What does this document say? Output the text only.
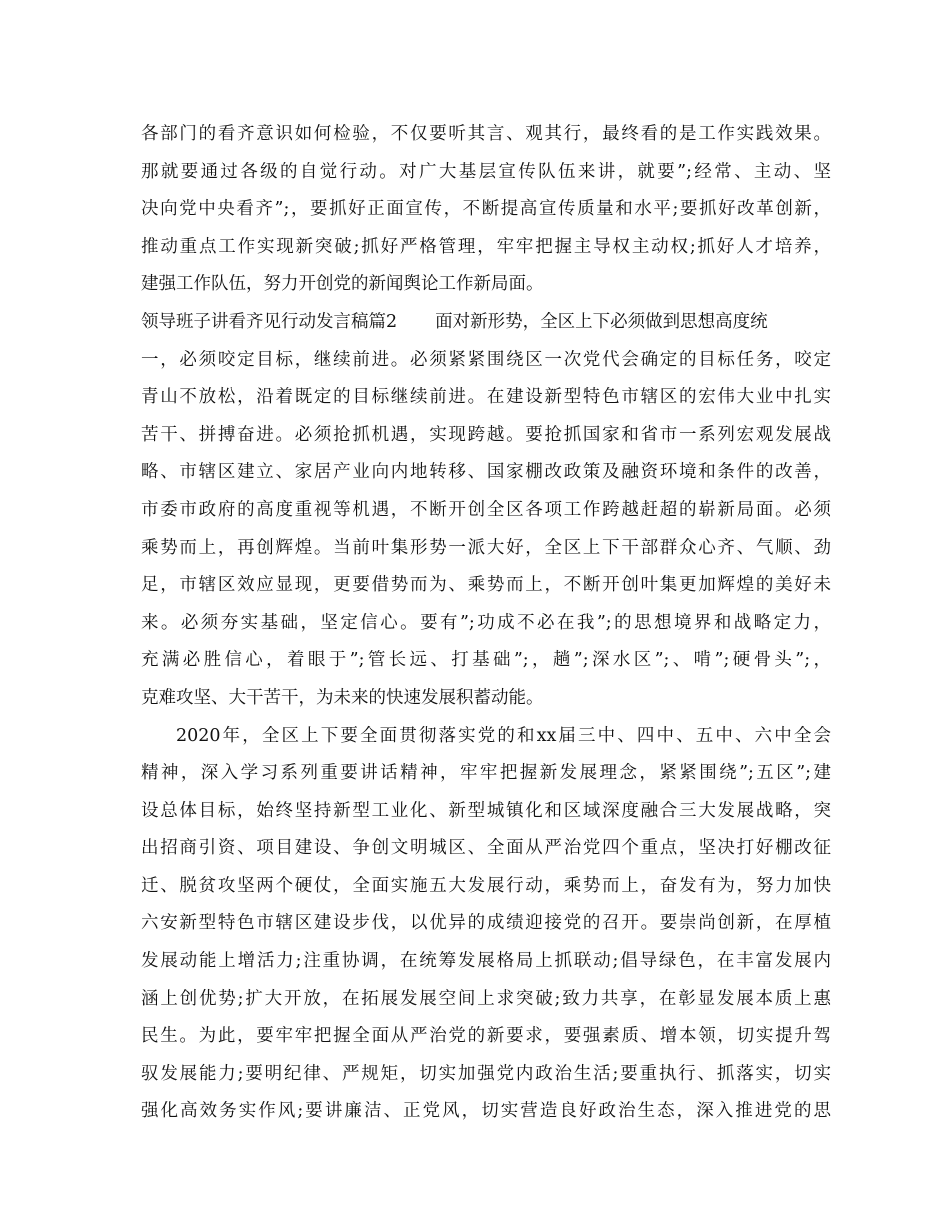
各部门的看齐意识如何检验，不仅要听其言、观其行，最终看的是工作实践效果。
那就要通过各级的自觉行动。对广大基层宣传队伍来讲，就要”;经常、主动、坚
决向党中央看齐”;，要抓好正面宣传，不断提高宣传质量和水平;要抓好改革创新，
推动重点工作实现新突破;抓好严格管理，牢牢把握主导权主动权;抓好人才培养，
建强工作队伍，努力开创党的新闻舆论工作新局面。
领导班子讲看齐见行动发言稿篇2 面对新形势，全区上下必须做到思想高度统
一，必须咬定目标，继续前进。必须紧紧围绕区一次党代会确定的目标任务，咬定
青山不放松，沿着既定的目标继续前进。在建设新型特色市辖区的宏伟大业中扎实
苦干、拼搏奋进。必须抢抓机遇，实现跨越。要抢抓国家和省市一系列宏观发展战
略、市辖区建立、家居产业向内地转移、国家棚改政策及融资环境和条件的改善，
市委市政府的高度重视等机遇，不断开创全区各项工作跨越赶超的崭新局面。必须
乘势而上，再创辉煌。当前叶集形势一派大好，全区上下干部群众心齐、气顺、劲
足，市辖区效应显现，更要借势而为、乘势而上，不断开创叶集更加辉煌的美好未
来。必须夯实基础，坚定信心。要有”;功成不必在我”;的思想境界和战略定力，
充满必胜信心，着眼于”;管长远、打基础”;，趟”;深水区”;、啃”;硬骨头”;，
克难攻坚、大干苦干，为未来的快速发展积蓄动能。
2020年，全区上下要全面贯彻落实党的和xx届三中、四中、五中、六中全会
精神，深入学习系列重要讲话精神，牢牢把握新发展理念，紧紧围绕”;五区”;建
设总体目标，始终坚持新型工业化、新型城镇化和区域深度融合三大发展战略，突
出招商引资、项目建设、争创文明城区、全面从严治党四个重点，坚决打好棚改征
迁、脱贫攻坚两个硬仗，全面实施五大发展行动，乘势而上，奋发有为，努力加快
六安新型特色市辖区建设步伐，以优异的成绩迎接党的召开。要崇尚创新，在厚植
发展动能上增活力;注重协调，在统筹发展格局上抓联动;倡导绿色，在丰富发展内
涵上创优势;扩大开放，在拓展发展空间上求突破;致力共享，在彰显发展本质上惠
民生。为此，要牢牢把握全面从严治党的新要求，要强素质、增本领，切实提升驾
驭发展能力;要明纪律、严规矩，切实加强党内政治生活;要重执行、抓落实，切实
强化高效务实作风;要讲廉洁、正党风，切实营造良好政治生态，深入推进党的思
